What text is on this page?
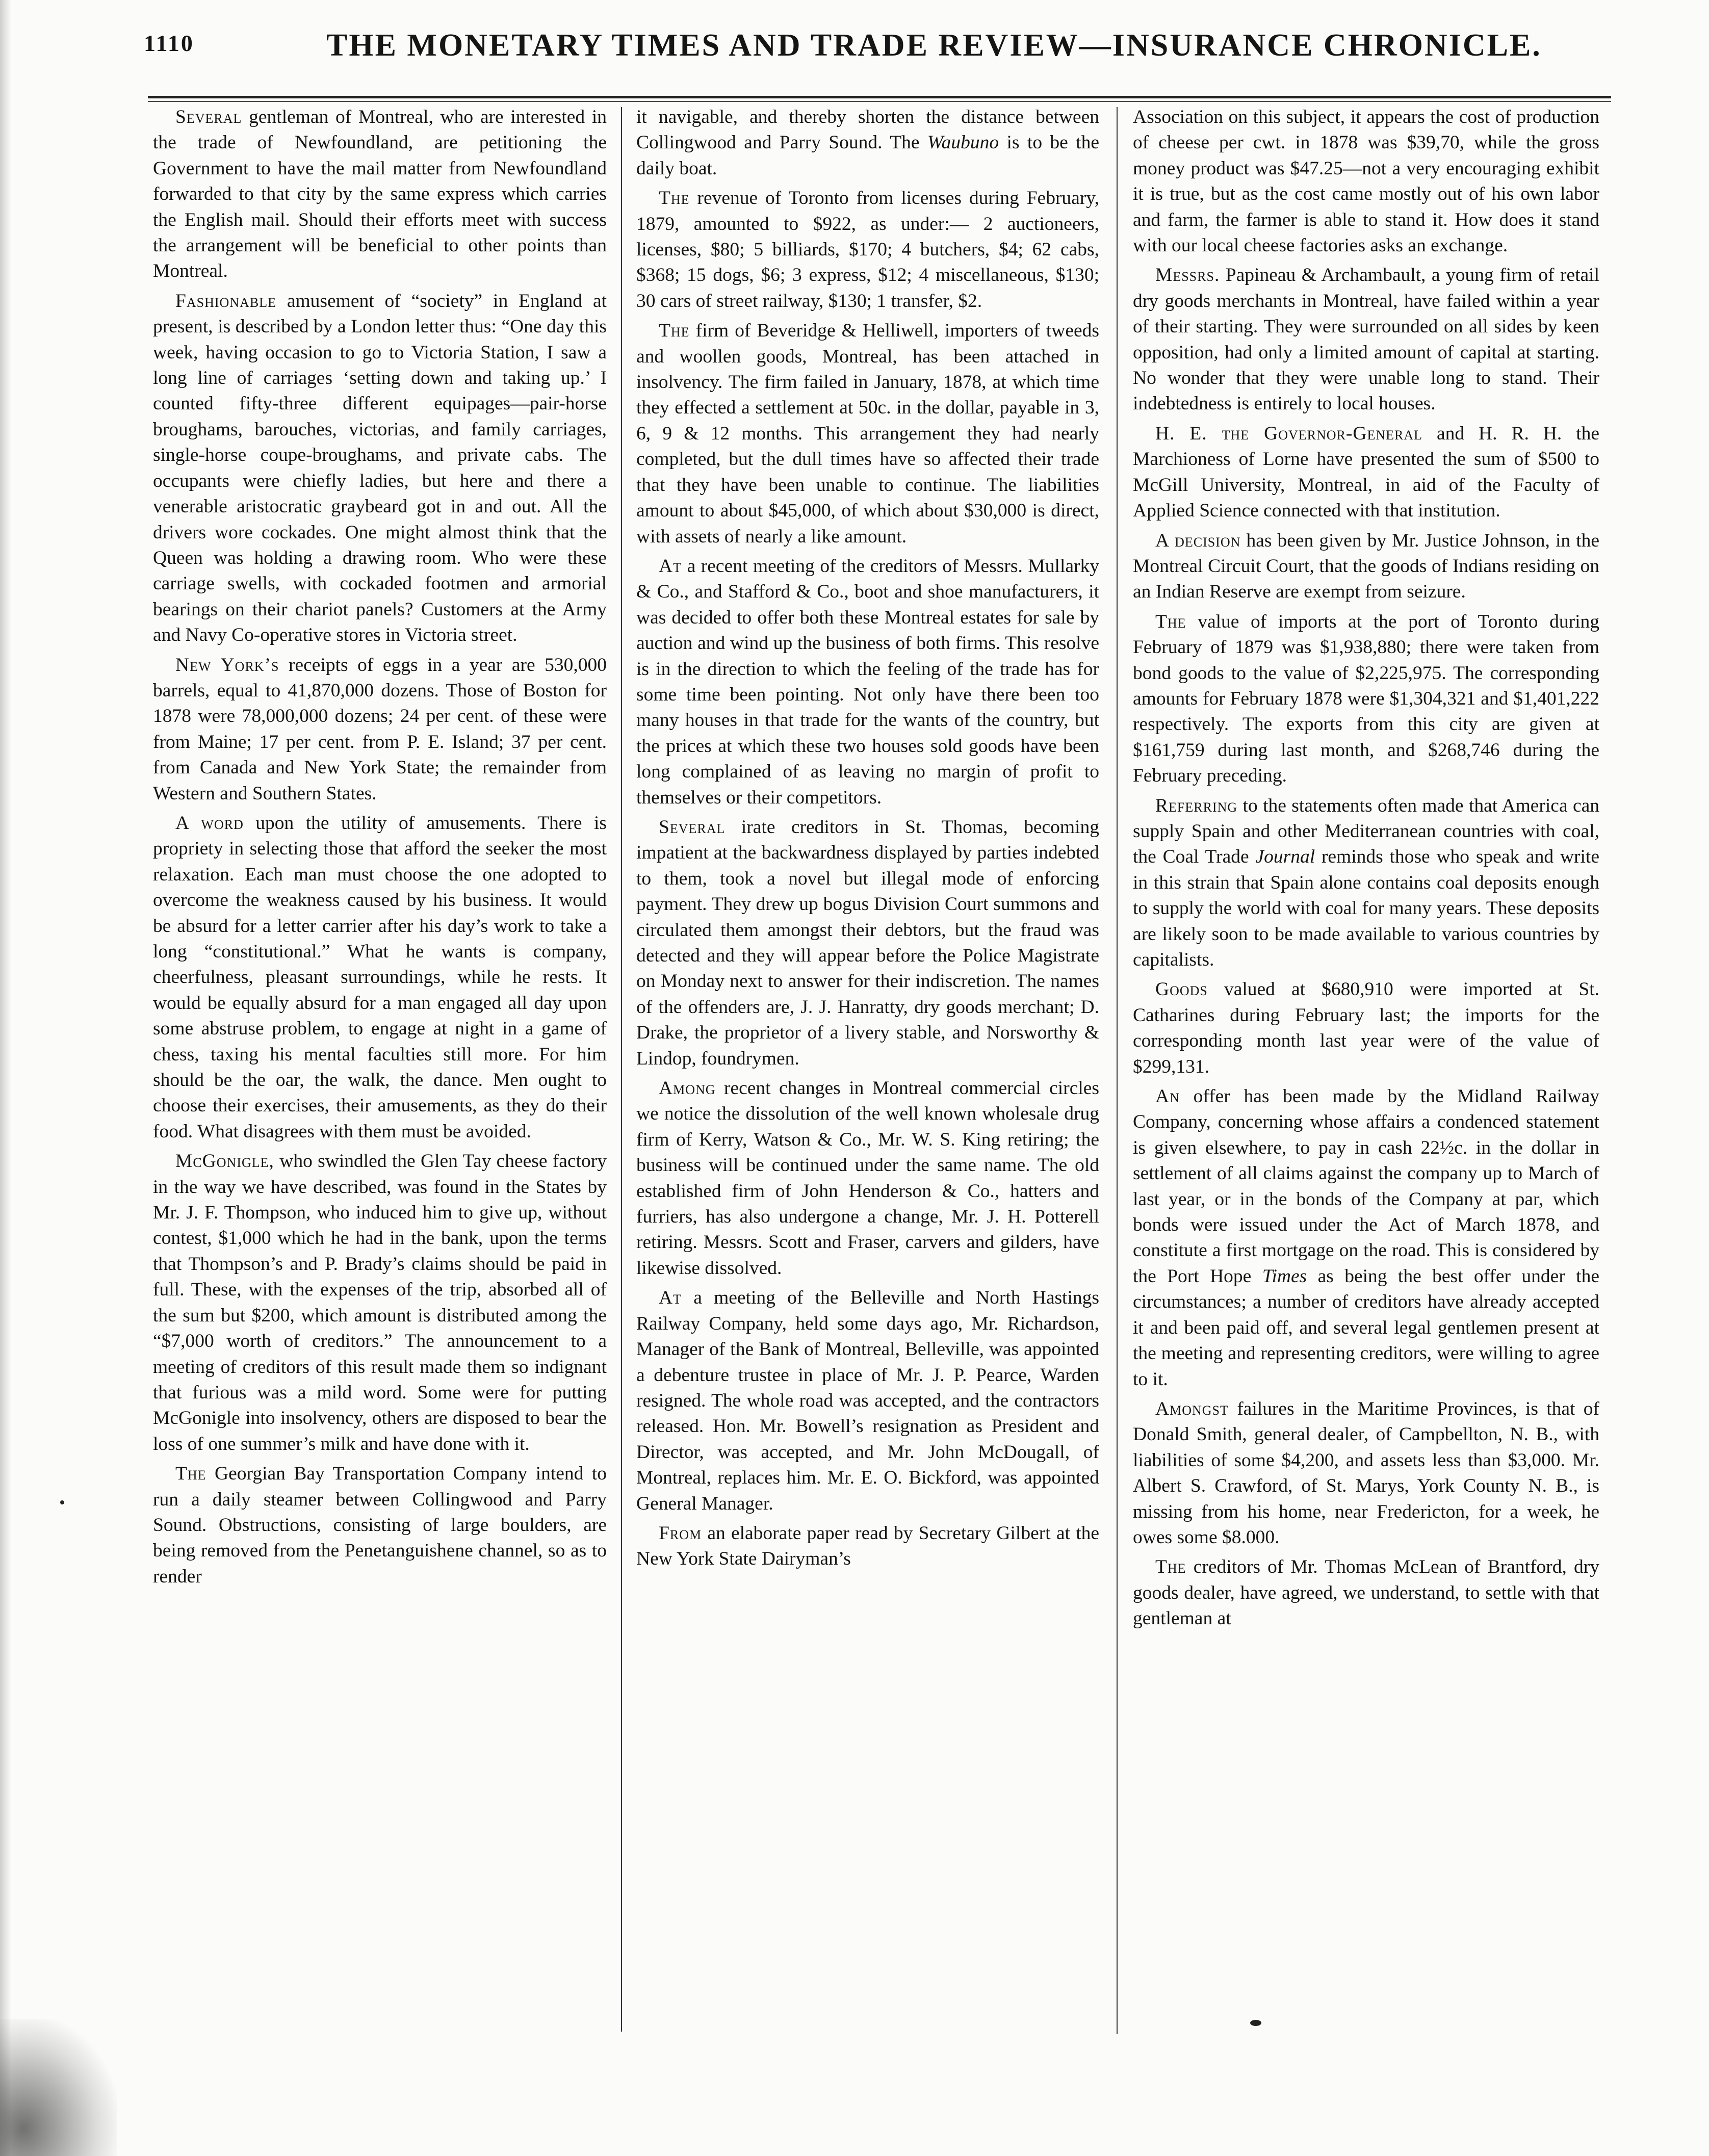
1110	THE MONETARY TIMES AND TRADE REVIEW—INSURANCE CHRONICLE.

Several gentleman of Montreal, who are interested in the trade of Newfoundland, are petitioning the Government to have the mail matter from Newfoundland forwarded to that city by the same express which carries the English mail. Should their efforts meet with success the arrangement will be beneficial to other points than Montreal.

Fashionable amusement of “society” in England at present, is described by a London letter thus: “One day this week, having occasion to go to Victoria Station, I saw a long line of carriages ‘setting down and taking up.’ I counted fifty-three different equipages—pair-horse broughams, barouches, victorias, and family carriages, single-horse coupe-broughams, and private cabs. The occupants were chiefly ladies, but here and there a venerable aristocratic graybeard got in and out. All the drivers wore cockades. One might almost think that the Queen was holding a drawing room. Who were these carriage swells, with cockaded footmen and armorial bearings on their chariot panels? Customers at the Army and Navy Co-operative stores in Victoria street.

New York’s receipts of eggs in a year are 530,000 barrels, equal to 41,870,000 dozens. Those of Boston for 1878 were 78,000,000 dozens; 24 per cent. of these were from Maine; 17 per cent. from P. E. Island; 37 per cent. from Canada and New York State; the remainder from Western and Southern States.

A word upon the utility of amusements. There is propriety in selecting those that afford the seeker the most relaxation. Each man must choose the one adopted to overcome the weakness caused by his business. It would be absurd for a letter carrier after his day’s work to take a long “constitutional.” What he wants is company, cheerfulness, pleasant surroundings, while he rests. It would be equally absurd for a man engaged all day upon some abstruse problem, to engage at night in a game of chess, taxing his mental faculties still more. For him should be the oar, the walk, the dance. Men ought to choose their exercises, their amusements, as they do their food. What disagrees with them must be avoided.

McGonigle, who swindled the Glen Tay cheese factory in the way we have described, was found in the States by Mr. J. F. Thompson, who induced him to give up, without contest, $1,000 which he had in the bank, upon the terms that Thompson’s and P. Brady’s claims should be paid in full. These, with the expenses of the trip, absorbed all of the sum but $200, which amount is distributed among the “$7,000 worth of creditors.” The announcement to a meeting of creditors of this result made them so indignant that furious was a mild word. Some were for putting McGonigle into insolvency, others are disposed to bear the loss of one summer’s milk and have done with it.

The Georgian Bay Transportation Company intend to run a daily steamer between Collingwood and Parry Sound. Obstructions, consisting of large boulders, are being removed from the Penetanguishene channel, so as to render

it navigable, and thereby shorten the distance between Collingwood and Parry Sound. The Waubuno is to be the daily boat.

The revenue of Toronto from licenses during February, 1879, amounted to $922, as under:— 2 auctioneers, licenses, $80; 5 billiards, $170; 4 butchers, $4; 62 cabs, $368; 15 dogs, $6; 3 express, $12; 4 miscellaneous, $130; 30 cars of street railway, $130; 1 transfer, $2.

The firm of Beveridge & Helliwell, importers of tweeds and woollen goods, Montreal, has been attached in insolvency. The firm failed in January, 1878, at which time they effected a settlement at 50c. in the dollar, payable in 3, 6, 9 & 12 months. This arrangement they had nearly completed, but the dull times have so affected their trade that they have been unable to continue. The liabilities amount to about $45,000, of which about $30,000 is direct, with assets of nearly a like amount.

At a recent meeting of the creditors of Messrs. Mullarky & Co., and Stafford & Co., boot and shoe manufacturers, it was decided to offer both these Montreal estates for sale by auction and wind up the business of both firms. This resolve is in the direction to which the feeling of the trade has for some time been pointing. Not only have there been too many houses in that trade for the wants of the country, but the prices at which these two houses sold goods have been long complained of as leaving no margin of profit to themselves or their competitors.

Several irate creditors in St. Thomas, becoming impatient at the backwardness displayed by parties indebted to them, took a novel but illegal mode of enforcing payment. They drew up bogus Division Court summons and circulated them amongst their debtors, but the fraud was detected and they will appear before the Police Magistrate on Monday next to answer for their indiscretion. The names of the offenders are, J. J. Hanratty, dry goods merchant; D. Drake, the proprietor of a livery stable, and Norsworthy & Lindop, foundrymen.

Among recent changes in Montreal commercial circles we notice the dissolution of the well known wholesale drug firm of Kerry, Watson & Co., Mr. W. S. King retiring; the business will be continued under the same name. The old established firm of John Henderson & Co., hatters and furriers, has also undergone a change, Mr. J. H. Potterell retiring. Messrs. Scott and Fraser, carvers and gilders, have likewise dissolved.

At a meeting of the Belleville and North Hastings Railway Company, held some days ago, Mr. Richardson, Manager of the Bank of Montreal, Belleville, was appointed a debenture trustee in place of Mr. J. P. Pearce, Warden resigned. The whole road was accepted, and the contractors released. Hon. Mr. Bowell’s resignation as President and Director, was accepted, and Mr. John McDougall, of Montreal, replaces him. Mr. E. O. Bickford, was appointed General Manager.

From an elaborate paper read by Secretary Gilbert at the New York State Dairyman’s

Association on this subject, it appears the cost of production of cheese per cwt. in 1878 was $39,70, while the gross money product was $47.25—not a very encouraging exhibit it is true, but as the cost came mostly out of his own labor and farm, the farmer is able to stand it. How does it stand with our local cheese factories asks an exchange.

Messrs. Papineau & Archambault, a young firm of retail dry goods merchants in Montreal, have failed within a year of their starting. They were surrounded on all sides by keen opposition, had only a limited amount of capital at starting. No wonder that they were unable long to stand. Their indebtedness is entirely to local houses.

H. E. the Governor-General and H. R. H. the Marchioness of Lorne have presented the sum of $500 to McGill University, Montreal, in aid of the Faculty of Applied Science connected with that institution.

A decision has been given by Mr. Justice Johnson, in the Montreal Circuit Court, that the goods of Indians residing on an Indian Reserve are exempt from seizure.

The value of imports at the port of Toronto during February of 1879 was $1,938,880; there were taken from bond goods to the value of $2,225,975. The corresponding amounts for February 1878 were $1,304,321 and $1,401,222 respectively. The exports from this city are given at $161,759 during last month, and $268,746 during the February preceding.

Referring to the statements often made that America can supply Spain and other Mediterranean countries with coal, the Coal Trade Journal reminds those who speak and write in this strain that Spain alone contains coal deposits enough to supply the world with coal for many years. These deposits are likely soon to be made available to various countries by capitalists.

Goods valued at $680,910 were imported at St. Catharines during February last; the imports for the corresponding month last year were of the value of $299,131.

An offer has been made by the Midland Railway Company, concerning whose affairs a condenced statement is given elsewhere, to pay in cash 22½c. in the dollar in settlement of all claims against the company up to March of last year, or in the bonds of the Company at par, which bonds were issued under the Act of March 1878, and constitute a first mortgage on the road. This is considered by the Port Hope Times as being the best offer under the circumstances; a number of creditors have already accepted it and been paid off, and several legal gentlemen present at the meeting and representing creditors, were willing to agree to it.

Amongst failures in the Maritime Provinces, is that of Donald Smith, general dealer, of Campbellton, N. B., with liabilities of some $4,200, and assets less than $3,000. Mr. Albert S. Crawford, of St. Marys, York County N. B., is missing from his home, near Fredericton, for a week, he owes some $8.000.

The creditors of Mr. Thomas McLean of Brantford, dry goods dealer, have agreed, we understand, to settle with that gentleman at
